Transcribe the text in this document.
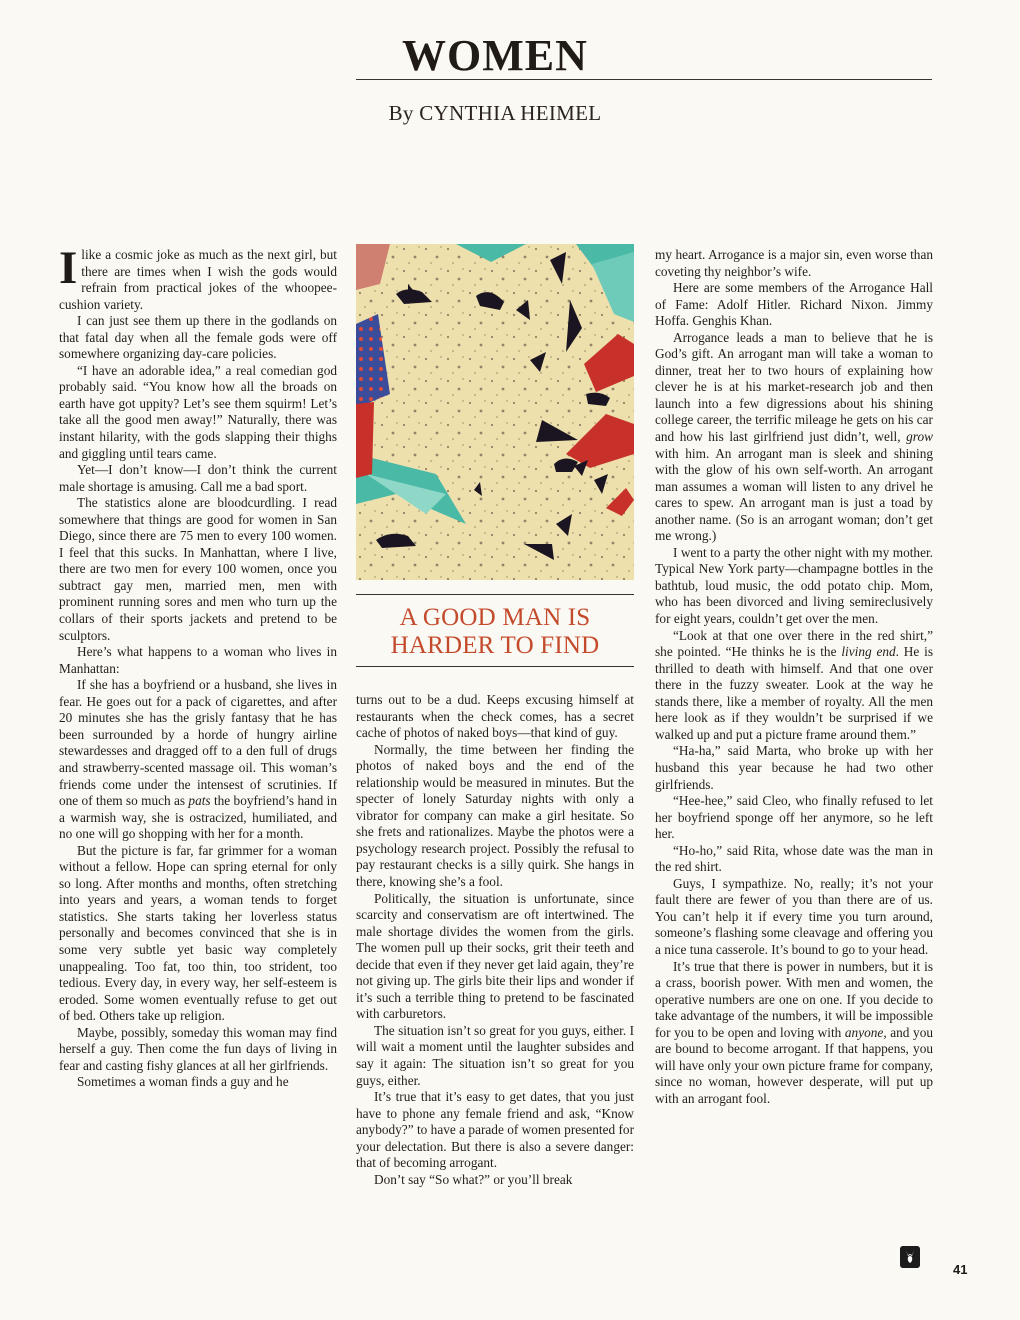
WOMEN
By CYNTHIA HEIMEL

I like a cosmic joke as much as the next girl, but there are times when I wish the gods would refrain from practical jokes of the whoopee-cushion variety.

I can just see them up there in the godlands on that fatal day when all the female gods were off somewhere organizing day-care policies.

“I have an adorable idea,” a real comedian god probably said. “You know how all the broads on earth have got uppity? Let’s see them squirm! Let’s take all the good men away!” Naturally, there was instant hilarity, with the gods slapping their thighs and giggling until tears came.

Yet—I don’t know—I don’t think the current male shortage is amusing. Call me a bad sport.

The statistics alone are bloodcurdling. I read somewhere that things are good for women in San Diego, since there are 75 men to every 100 women. I feel that this sucks. In Manhattan, where I live, there are two men for every 100 women, once you subtract gay men, married men, men with prominent running sores and men who turn up the collars of their sports jackets and pretend to be sculptors.

Here’s what happens to a woman who lives in Manhattan:

If she has a boyfriend or a husband, she lives in fear. He goes out for a pack of cigarettes, and after 20 minutes she has the grisly fantasy that he has been surrounded by a horde of hungry airline stewardesses and dragged off to a den full of drugs and strawberry-scented massage oil. This woman’s friends come under the intensest of scrutinies. If one of them so much as pats the boyfriend’s hand in a warmish way, she is ostracized, humiliated, and no one will go shopping with her for a month.

But the picture is far, far grimmer for a woman without a fellow. Hope can spring eternal for only so long. After months and months, often stretching into years and years, a woman tends to forget statistics. She starts taking her loverless status personally and becomes convinced that she is in some very subtle yet basic way completely unappealing. Too fat, too thin, too strident, too tedious. Every day, in every way, her self-esteem is eroded. Some women eventually refuse to get out of bed. Others take up religion.

Maybe, possibly, someday this woman may find herself a guy. Then come the fun days of living in fear and casting fishy glances at all her girlfriends.

Sometimes a woman finds a guy and he

A GOOD MAN IS
HARDER TO FIND

turns out to be a dud. Keeps excusing himself at restaurants when the check comes, has a secret cache of photos of naked boys—that kind of guy.

Normally, the time between her finding the photos of naked boys and the end of the relationship would be measured in minutes. But the specter of lonely Saturday nights with only a vibrator for company can make a girl hesitate. So she frets and rationalizes. Maybe the photos were a psychology research project. Possibly the refusal to pay restaurant checks is a silly quirk. She hangs in there, knowing she’s a fool.

Politically, the situation is unfortunate, since scarcity and conservatism are oft intertwined. The male shortage divides the women from the girls. The women pull up their socks, grit their teeth and decide that even if they never get laid again, they’re not giving up. The girls bite their lips and wonder if it’s such a terrible thing to pretend to be fascinated with carburetors.

The situation isn’t so great for you guys, either. I will wait a moment until the laughter subsides and say it again: The situation isn’t so great for you guys, either.

It’s true that it’s easy to get dates, that you just have to phone any female friend and ask, “Know anybody?” to have a parade of women presented for your delectation. But there is also a severe danger: that of becoming arrogant.

Don’t say “So what?” or you’ll break

my heart. Arrogance is a major sin, even worse than coveting thy neighbor’s wife.

Here are some members of the Arrogance Hall of Fame: Adolf Hitler. Richard Nixon. Jimmy Hoffa. Genghis Khan.

Arrogance leads a man to believe that he is God’s gift. An arrogant man will take a woman to dinner, treat her to two hours of explaining how clever he is at his market-research job and then launch into a few digressions about his shining college career, the terrific mileage he gets on his car and how his last girlfriend just didn’t, well, grow with him. An arrogant man is sleek and shining with the glow of his own self-worth. An arrogant man assumes a woman will listen to any drivel he cares to spew. An arrogant man is just a toad by another name. (So is an arrogant woman; don’t get me wrong.)

I went to a party the other night with my mother. Typical New York party—champagne bottles in the bathtub, loud music, the odd potato chip. Mom, who has been divorced and living semireclusively for eight years, couldn’t get over the men.

“Look at that one over there in the red shirt,” she pointed. “He thinks he is the living end. He is thrilled to death with himself. And that one over there in the fuzzy sweater. Look at the way he stands there, like a member of royalty. All the men here look as if they wouldn’t be surprised if we walked up and put a picture frame around them.”

“Ha-ha,” said Marta, who broke up with her husband this year because he had two other girlfriends.

“Hee-hee,” said Cleo, who finally refused to let her boyfriend sponge off her anymore, so he left her.

“Ho-ho,” said Rita, whose date was the man in the red shirt.

Guys, I sympathize. No, really; it’s not your fault there are fewer of you than there are of us. You can’t help it if every time you turn around, someone’s flashing some cleavage and offering you a nice tuna casserole. It’s bound to go to your head.

It’s true that there is power in numbers, but it is a crass, boorish power. With men and women, the operative numbers are one on one. If you decide to take advantage of the numbers, it will be impossible for you to be open and loving with anyone, and you are bound to become arrogant. If that happens, you will have only your own picture frame for company, since no woman, however desperate, will put up with an arrogant fool.

41
